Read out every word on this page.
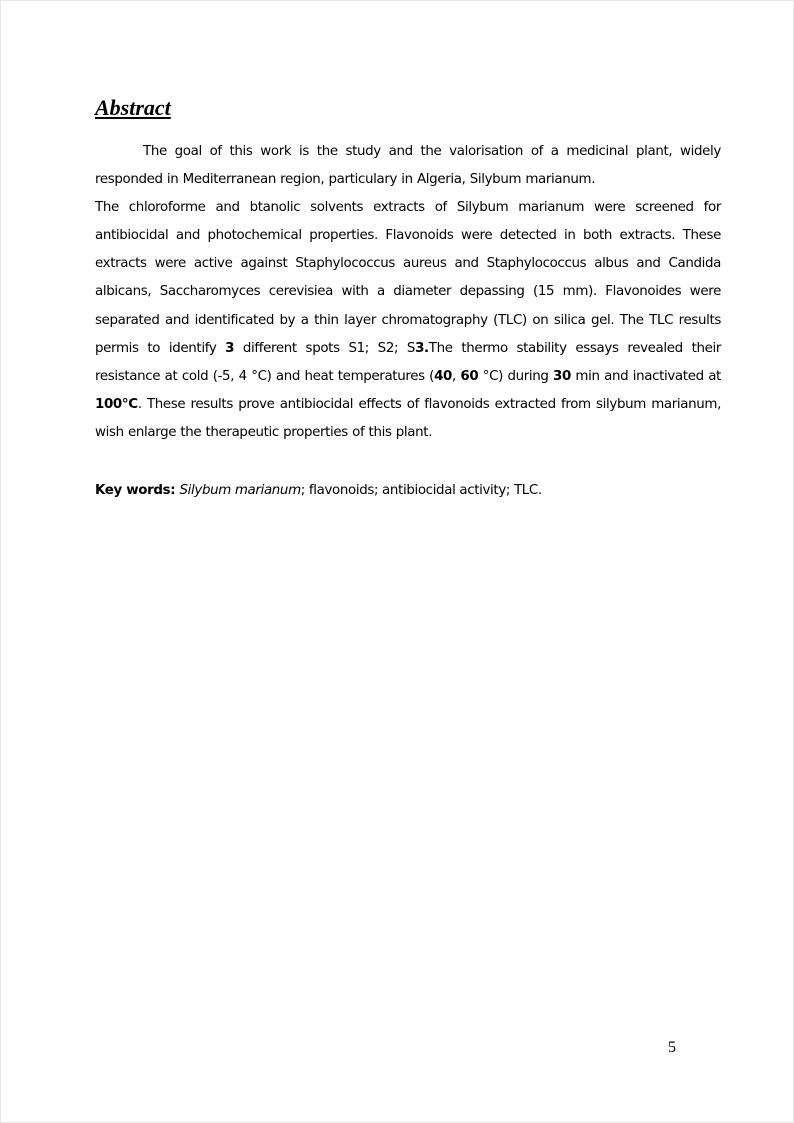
Abstract

The goal of this work is the study and the valorisation of a medicinal plant, widely responded in Mediterranean region, particulary in Algeria, Silybum marianum.

The chloroforme and btanolic solvents extracts of Silybum marianum were screened for antibiocidal and photochemical properties. Flavonoids were detected in both extracts. These extracts were active against Staphylococcus aureus and Staphylococcus albus and Candida albicans, Saccharomyces cerevisiea with a diameter depassing (15 mm). Flavonoides were separated and identificated by a thin layer chromatography (TLC) on silica gel. The TLC results permis to identify 3 different spots S1; S2; S3.The thermo stability essays revealed their resistance at cold (-5, 4 °C) and heat temperatures (40, 60 °C) during 30 min and inactivated at 100°C. These results prove antibiocidal effects of flavonoids extracted from silybum marianum, wish enlarge the therapeutic properties of this plant.

Key words: Silybum marianum; flavonoids; antibiocidal activity; TLC.

5
